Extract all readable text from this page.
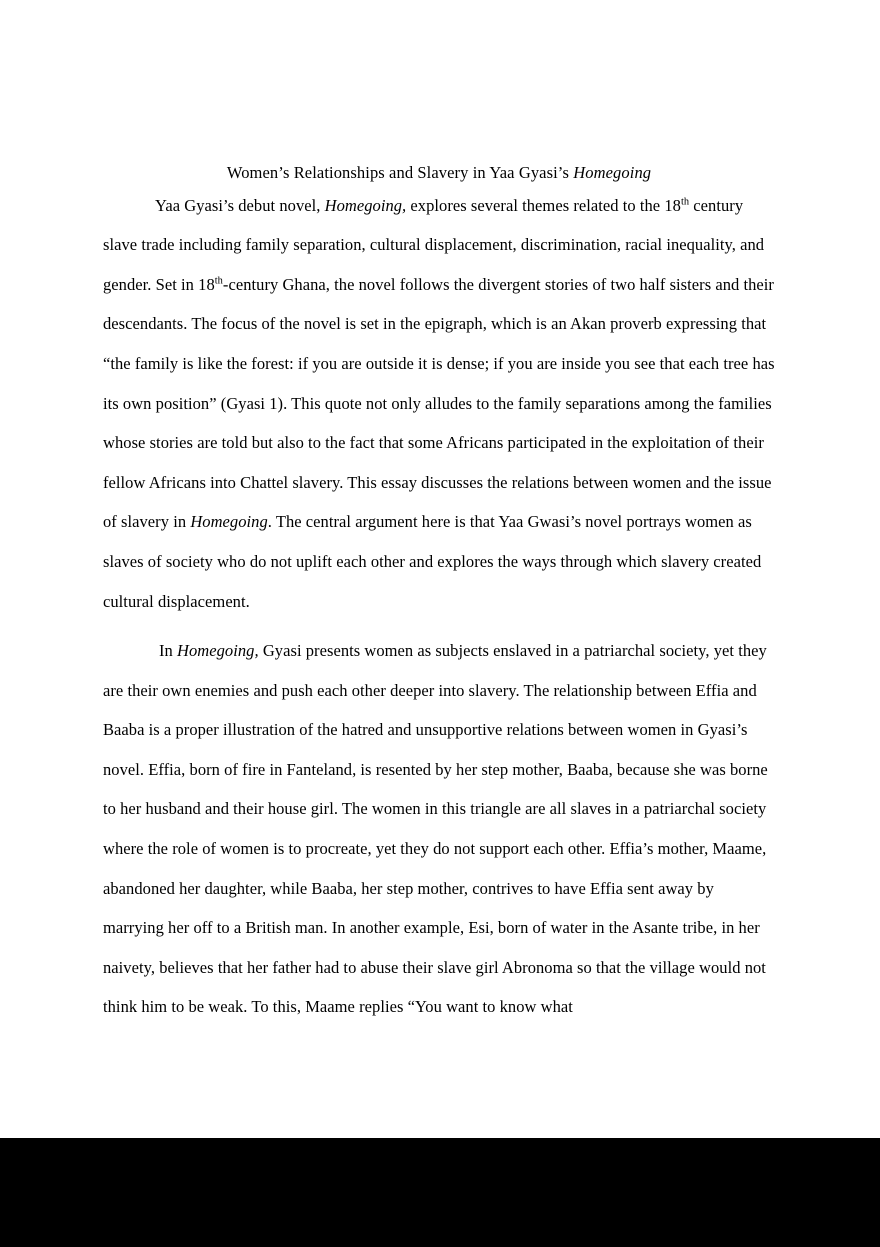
Women’s Relationships and Slavery in Yaa Gyasi’s Homegoing

Yaa Gyasi’s debut novel, Homegoing, explores several themes related to the 18th century slave trade including family separation, cultural displacement, discrimination, racial inequality, and gender. Set in 18th-century Ghana, the novel follows the divergent stories of two half sisters and their descendants. The focus of the novel is set in the epigraph, which is an Akan proverb expressing that “the family is like the forest: if you are outside it is dense; if you are inside you see that each tree has its own position” (Gyasi 1). This quote not only alludes to the family separations among the families whose stories are told but also to the fact that some Africans participated in the exploitation of their fellow Africans into Chattel slavery. This essay discusses the relations between women and the issue of slavery in Homegoing. The central argument here is that Yaa Gwasi’s novel portrays women as slaves of society who do not uplift each other and explores the ways through which slavery created cultural displacement.

In Homegoing, Gyasi presents women as subjects enslaved in a patriarchal society, yet they are their own enemies and push each other deeper into slavery. The relationship between Effia and Baaba is a proper illustration of the hatred and unsupportive relations between women in Gyasi’s novel. Effia, born of fire in Fanteland, is resented by her step mother, Baaba, because she was borne to her husband and their house girl. The women in this triangle are all slaves in a patriarchal society where the role of women is to procreate, yet they do not support each other. Effia’s mother, Maame, abandoned her daughter, while Baaba, her step mother, contrives to have Effia sent away by marrying her off to a British man. In another example, Esi, born of water in the Asante tribe, in her naivety, believes that her father had to abuse their slave girl Abronoma so that the village would not think him to be weak. To this, Maame replies “You want to know what
